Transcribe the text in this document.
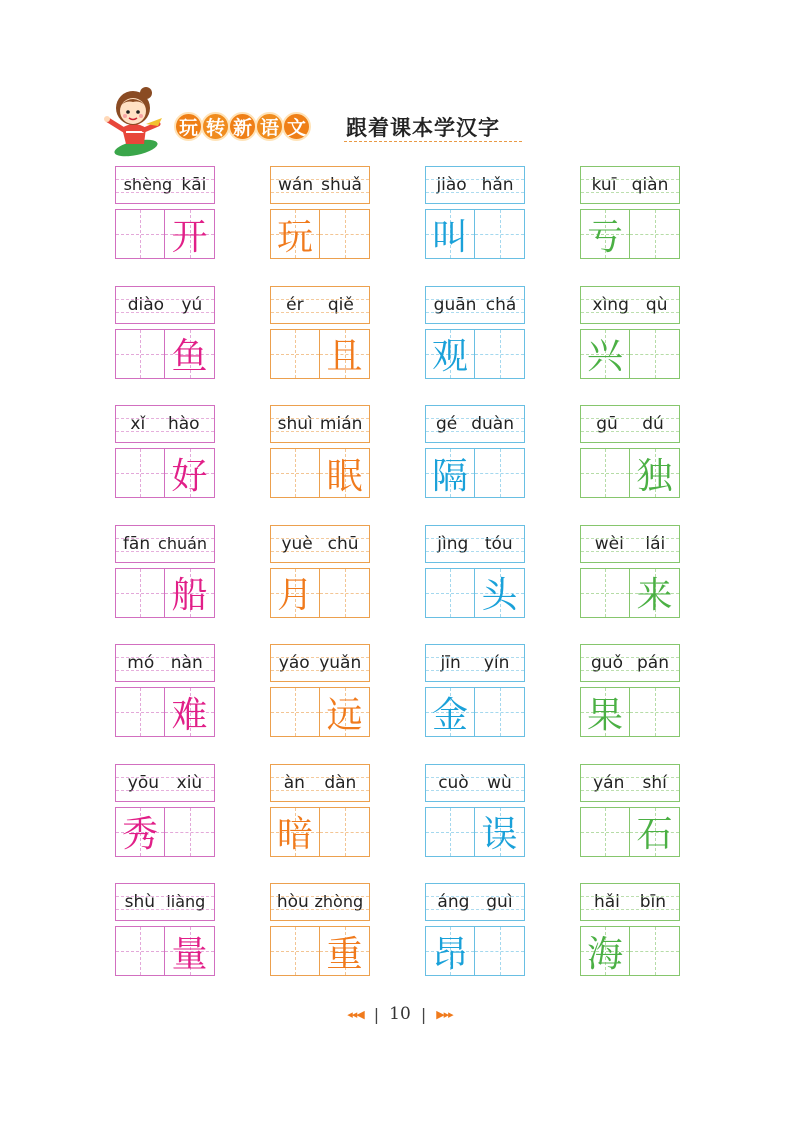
玩 转 新 语 文 跟着课本学汉字
shèng kāi
开
wán shuǎ
玩
jiào hǎn
叫
kuī qiàn
亏
diào yú
鱼
ér qiě
且
guān chá
观
xìng qù
兴
xǐ hào
好
shuì mián
眠
gé duàn
隔
gū dú
独
fān chuán
船
yuè chū
月
jìng tóu
头
wèi lái
来
mó nàn
难
yáo yuǎn
远
jīn yín
金
guǒ pán
果
yōu xiù
秀
àn dàn
暗
cuò wù
误
yán shí
石
shù liàng
量
hòu zhòng
重
áng guì
昂
hǎi bīn
海
◂◂◀ | 10 | ▶▸▸
